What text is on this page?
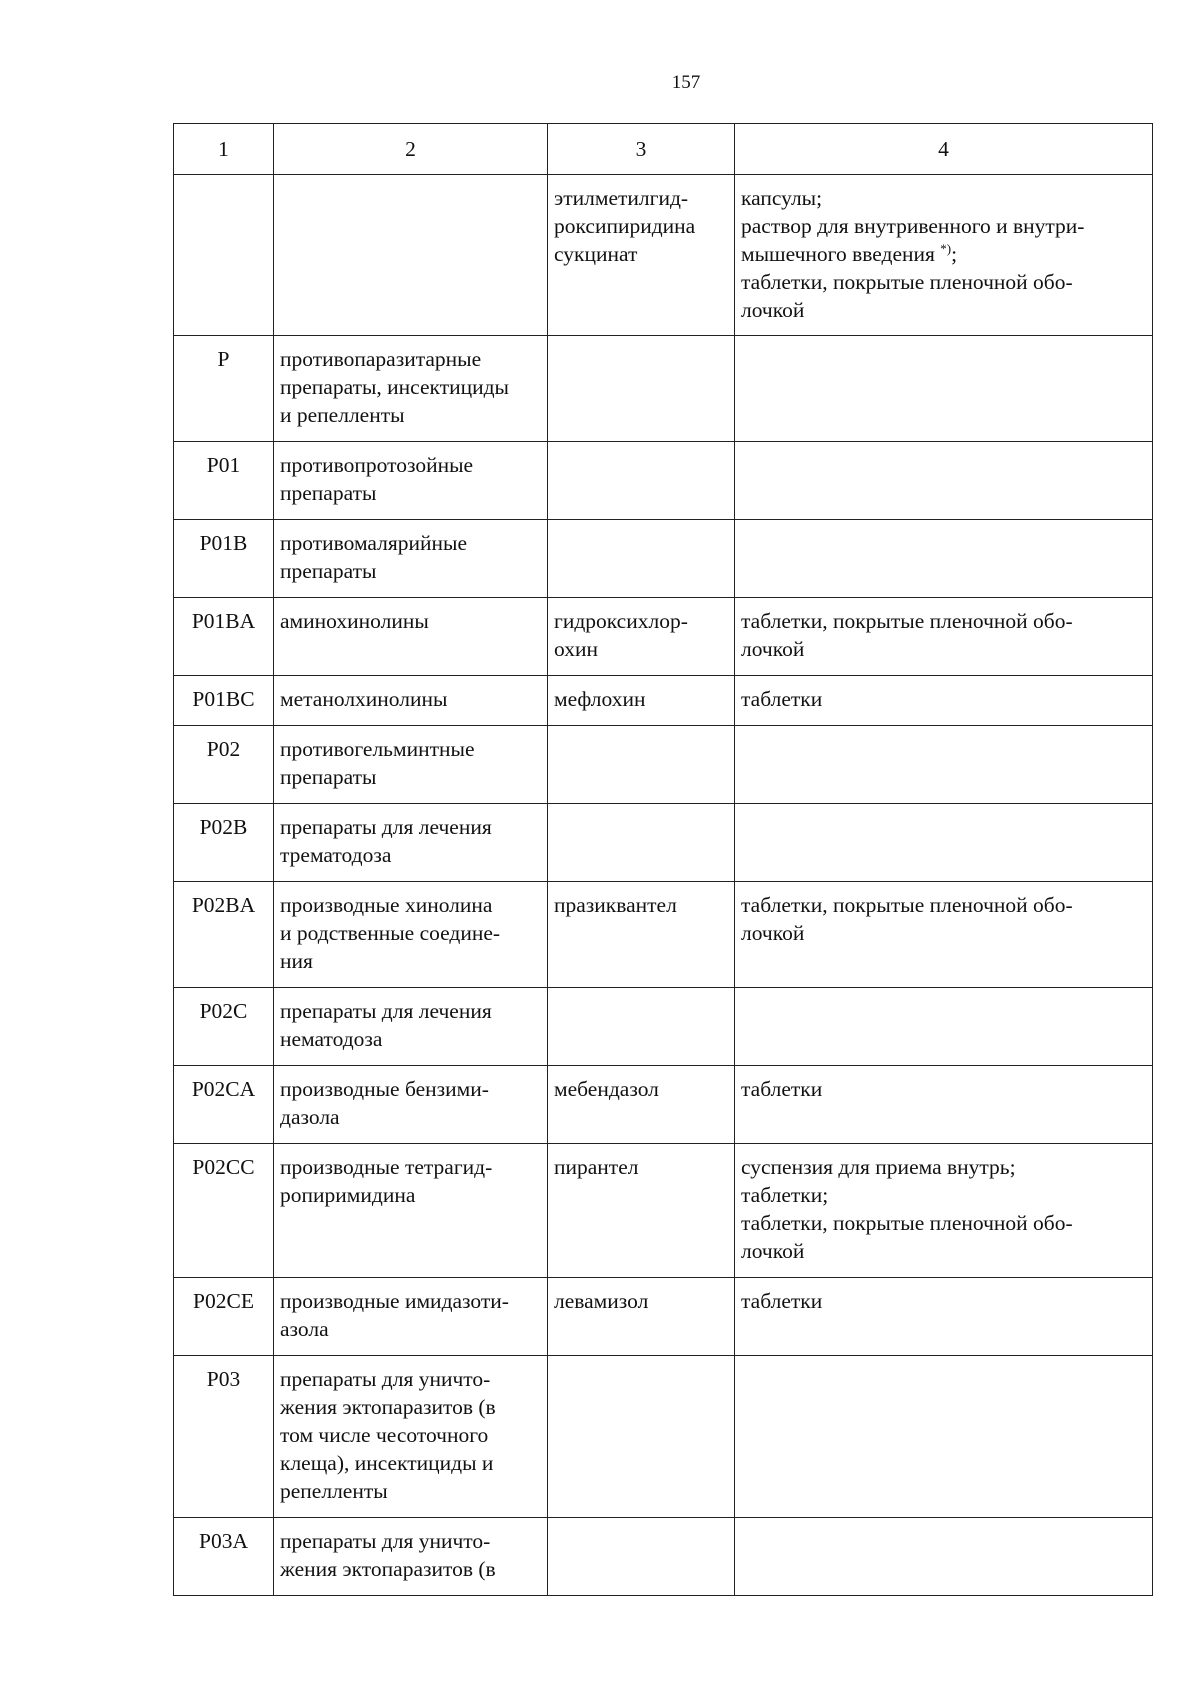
157
1	2	3	4

		этилметилгид-
роксипиридина
сукцинат	капсулы;
раствор для внутривенного и внутри-
мышечного введения *);
таблетки, покрытые пленочной обо-
лочкой

P	противопаразитарные
препараты, инсектициды
и репелленты		

P01	противопротозойные
препараты		

P01B	противомалярийные
препараты		

P01BA	аминохинолины	гидроксихлор-
охин	таблетки, покрытые пленочной обо-
лочкой

P01BC	метанолхинолины	мефлохин	таблетки

P02	противогельминтные
препараты		

P02B	препараты для лечения
трематодоза		

P02BA	производные хинолина
и родственные соедине-
ния	празиквантел	таблетки, покрытые пленочной обо-
лочкой

P02C	препараты для лечения
нематодоза		

P02CA	производные бензими-
дазола	мебендазол	таблетки

P02CC	производные тетрагид-
ропиримидина	пирантел	суспензия для приема внутрь;
таблетки;
таблетки, покрытые пленочной обо-
лочкой

P02CE	производные имидазоти-
азола	левамизол	таблетки

P03	препараты для уничто-
жения эктопаразитов (в
том числе чесоточного
клеща), инсектициды и
репелленты		

P03A	препараты для уничто-
жения эктопаразитов (в		
